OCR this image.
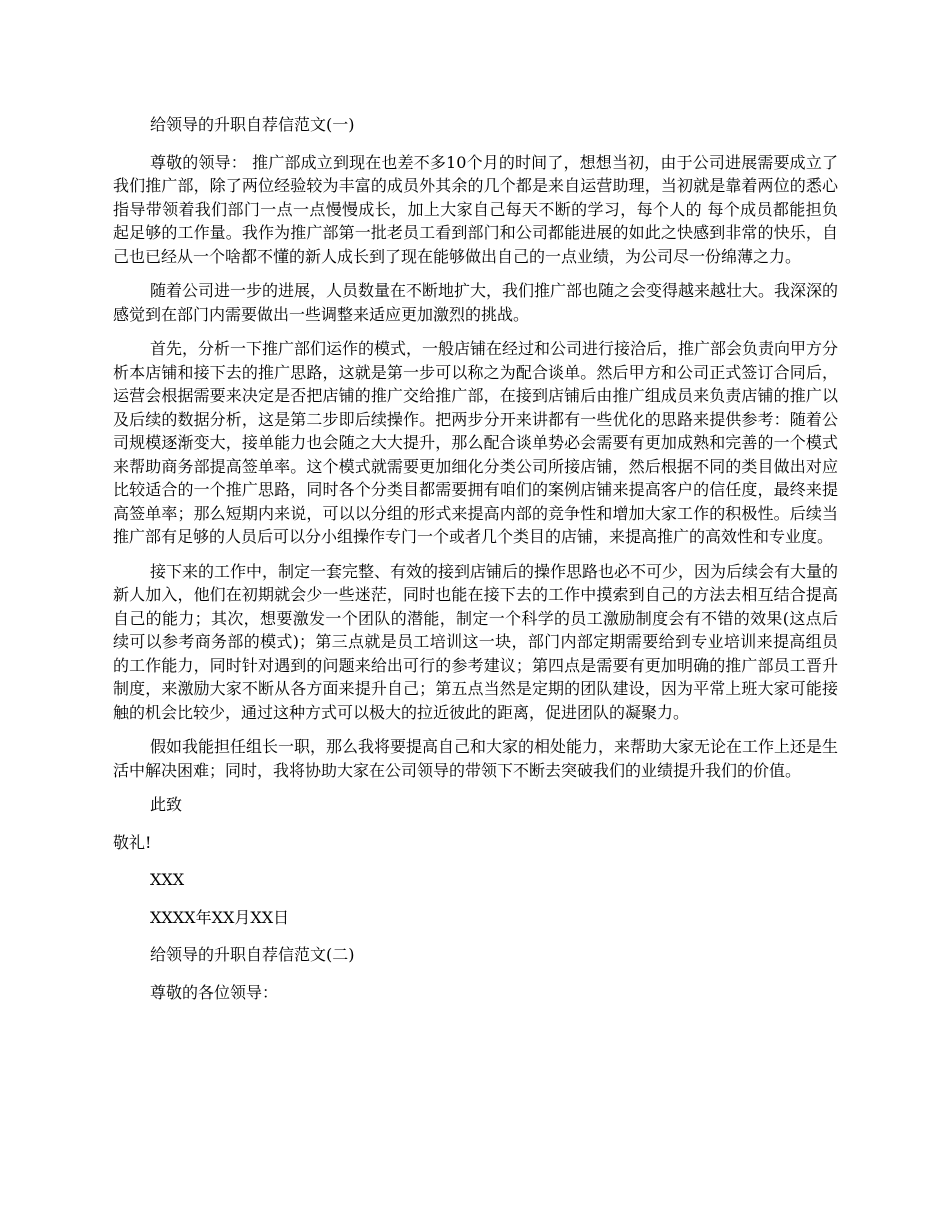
给领导的升职自荐信范文(一)

尊敬的领导： 推广部成立到现在也差不多10个月的时间了，想想当初，由于公司进展需要成立了我们推广部，除了两位经验较为丰富的成员外其余的几个都是来自运营助理，当初就是靠着两位的悉心指导带领着我们部门一点一点慢慢成长，加上大家自己每天不断的学习，每个人的 每个成员都能担负起足够的工作量。我作为推广部第一批老员工看到部门和公司都能进展的如此之快感到非常的快乐，自己也已经从一个啥都不懂的新人成长到了现在能够做出自己的一点业绩，为公司尽一份绵薄之力。

随着公司进一步的进展，人员数量在不断地扩大，我们推广部也随之会变得越来越壮大。我深深的感觉到在部门内需要做出一些调整来适应更加激烈的挑战。

首先，分析一下推广部们运作的模式，一般店铺在经过和公司进行接洽后，推广部会负责向甲方分析本店铺和接下去的推广思路，这就是第一步可以称之为配合谈单。然后甲方和公司正式签订合同后，运营会根据需要来决定是否把店铺的推广交给推广部，在接到店铺后由推广组成员来负责店铺的推广以及后续的数据分析，这是第二步即后续操作。把两步分开来讲都有一些优化的思路来提供参考：随着公司规模逐渐变大，接单能力也会随之大大提升，那么配合谈单势必会需要有更加成熟和完善的一个模式来帮助商务部提高签单率。这个模式就需要更加细化分类公司所接店铺，然后根据不同的类目做出对应比较适合的一个推广思路，同时各个分类目都需要拥有咱们的案例店铺来提高客户的信任度，最终来提高签单率；那么短期内来说，可以以分组的形式来提高内部的竞争性和增加大家工作的积极性。后续当推广部有足够的人员后可以分小组操作专门一个或者几个类目的店铺，来提高推广的高效性和专业度。

接下来的工作中，制定一套完整、有效的接到店铺后的操作思路也必不可少，因为后续会有大量的新人加入，他们在初期就会少一些迷茫，同时也能在接下去的工作中摸索到自己的方法去相互结合提高自己的能力；其次，想要激发一个团队的潜能，制定一个科学的员工激励制度会有不错的效果(这点后续可以参考商务部的模式)；第三点就是员工培训这一块，部门内部定期需要给到专业培训来提高组员的工作能力，同时针对遇到的问题来给出可行的参考建议；第四点是需要有更加明确的推广部员工晋升制度，来激励大家不断从各方面来提升自己；第五点当然是定期的团队建设，因为平常上班大家可能接触的机会比较少，通过这种方式可以极大的拉近彼此的距离，促进团队的凝聚力。

假如我能担任组长一职，那么我将要提高自己和大家的相处能力，来帮助大家无论在工作上还是生活中解决困难；同时，我将协助大家在公司领导的带领下不断去突破我们的业绩提升我们的价值。

此致

敬礼!

XXX

XXXX年XX月XX日

给领导的升职自荐信范文(二)

尊敬的各位领导：
